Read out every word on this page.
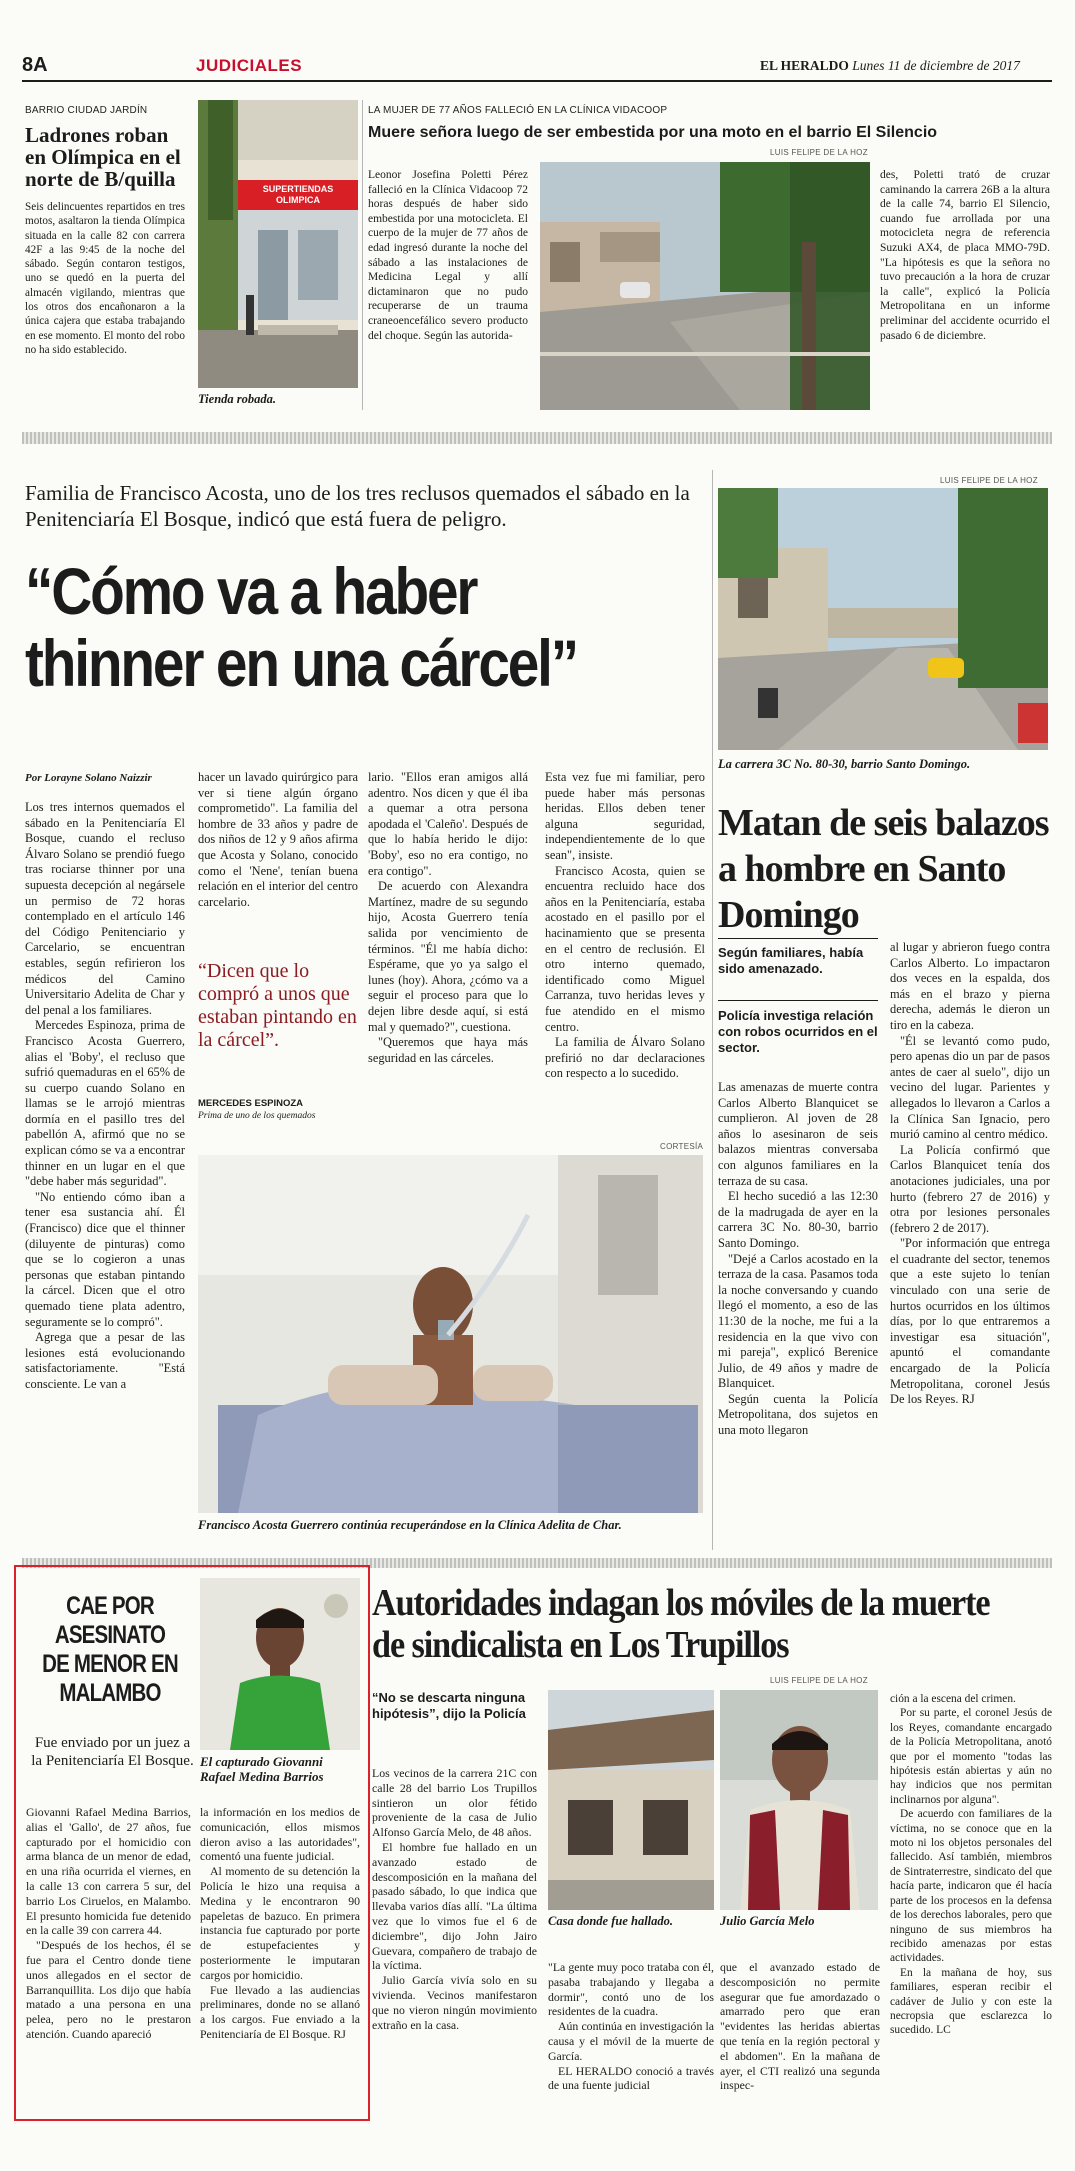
8A	JUDICIALES	EL HERALDO Lunes 11 de diciembre de 2017
BARRIO CIUDAD JARDÍN
Ladrones roban en Olímpica en el norte de B/quilla
Seis delincuentes repartidos en tres motos, asaltaron la tienda Olímpica situada en la calle 82 con carrera 42F a las 9:45 de la noche del sábado. Según contaron testigos, uno se quedó en la puerta del almacén vigilando, mientras que los otros dos encañonaron a la única cajera que estaba trabajando en ese momento. El monto del robo no ha sido establecido.
SUPERTIENDAS OLIMPICA
Tienda robada.
LA MUJER DE 77 AÑOS FALLECIÓ EN LA CLÍNICA VIDACOOP
Muere señora luego de ser embestida por una moto en el barrio El Silencio
LUIS FELIPE DE LA HOZ
Leonor Josefina Poletti Pérez falleció en la Clínica Vidacoop 72 horas después de haber sido embestida por una motocicleta. El cuerpo de la mujer de 77 años de edad ingresó durante la noche del sábado a las instalaciones de Medicina Legal y allí dictaminaron que no pudo recuperarse de un trauma craneoencefálico severo producto del choque. Según las autorida-
des, Poletti trató de cruzar caminando la carrera 26B a la altura de la calle 74, barrio El Silencio, cuando fue arrollada por una motocicleta negra de referencia Suzuki AX4, de placa MMO-79D. "La hipótesis es que la señora no tuvo precaución a la hora de cruzar la calle", explicó la Policía Metropolitana en un informe preliminar del accidente ocurrido el pasado 6 de diciembre.
Familia de Francisco Acosta, uno de los tres reclusos quemados el sábado en la Penitenciaría El Bosque, indicó que está fuera de peligro.
“Cómo va a haber thinner en una cárcel”
Por Lorayne Solano Naizzir

Los tres internos quemados el sábado en la Penitenciaría El Bosque, cuando el recluso Álvaro Solano se prendió fuego tras rociarse thinner por una supuesta decepción al negársele un permiso de 72 horas contemplado en el artículo 146 del Código Penitenciario y Carcelario, se encuentran estables, según refirieron los médicos del Camino Universitario Adelita de Char y del penal a los familiares.

Mercedes Espinoza, prima de Francisco Acosta Guerrero, alias el 'Boby', el recluso que sufrió quemaduras en el 65% de su cuerpo cuando Solano en llamas se le arrojó mientras dormía en el pasillo tres del pabellón A, afirmó que no se explican cómo se va a encontrar thinner en un lugar en el que "debe haber más seguridad".

"No entiendo cómo iban a tener esa sustancia ahí. Él (Francisco) dice que el thinner (diluyente de pinturas) como que se lo cogieron a unas personas que estaban pintando la cárcel. Dicen que el otro quemado tiene plata adentro, seguramente se lo compró".

Agrega que a pesar de las lesiones está evolucionando satisfactoriamente. "Está consciente. Le van a

hacer un lavado quirúrgico para ver si tiene algún órgano comprometido". La familia del hombre de 33 años y padre de dos niños de 12 y 9 años afirma que Acosta y Solano, conocido como el 'Nene', tenían buena relación en el interior del centro carcelario.
“Dicen que lo compró a unos que estaban pintando en la cárcel”.
MERCEDES ESPINOZA
Prima de uno de los quemados

lario. "Ellos eran amigos allá adentro. Nos dicen y que él iba a quemar a otra persona apodada el 'Caleño'. Después de que lo había herido le dijo: 'Boby', eso no era contigo, no era contigo".

De acuerdo con Alexandra Martínez, madre de su segundo hijo, Acosta Guerrero tenía salida por vencimiento de términos. "Él me había dicho: Espérame, que yo ya salgo el lunes (hoy). Ahora, ¿cómo va a seguir el proceso para que lo dejen libre desde aquí, si está mal y quemado?", cuestiona.

"Queremos que haya más seguridad en las cárceles.

Esta vez fue mi familiar, pero puede haber más personas heridas. Ellos deben tener alguna seguridad, independientemente de lo que sean", insiste.

Francisco Acosta, quien se encuentra recluido hace dos años en la Penitenciaría, estaba acostado en el pasillo por el hacinamiento que se presenta en el centro de reclusión. El otro interno quemado, identificado como Miguel Carranza, tuvo heridas leves y fue atendido en el mismo centro.

La familia de Álvaro Solano prefirió no dar declaraciones con respecto a lo sucedido.

CORTESÍA
Francisco Acosta Guerrero continúa recuperándose en la Clínica Adelita de Char.
LUIS FELIPE DE LA HOZ
La carrera 3C No. 80-30, barrio Santo Domingo.
Matan de seis balazos a hombre en Santo Domingo
Según familiares, había sido amenazado.
Policía investiga relación con robos ocurridos en el sector.

Las amenazas de muerte contra Carlos Alberto Blanquicet se cumplieron. Al joven de 28 años lo asesinaron de seis balazos mientras conversaba con algunos familiares en la terraza de su casa.

El hecho sucedió a las 12:30 de la madrugada de ayer en la carrera 3C No. 80-30, barrio Santo Domingo.

"Dejé a Carlos acostado en la terraza de la casa. Pasamos toda la noche conversando y cuando llegó el momento, a eso de las 11:30 de la noche, me fui a la residencia en la que vivo con mi pareja", explicó Berenice Julio, de 49 años y madre de Blanquicet.

Según cuenta la Policía Metropolitana, dos sujetos en una moto llegaron

al lugar y abrieron fuego contra Carlos Alberto. Lo impactaron dos veces en la espalda, dos más en el brazo y pierna derecha, además le dieron un tiro en la cabeza.

"Él se levantó como pudo, pero apenas dio un par de pasos antes de caer al suelo", dijo un vecino del lugar. Parientes y allegados lo llevaron a Carlos a la Clínica San Ignacio, pero murió camino al centro médico.

La Policía confirmó que Carlos Blanquicet tenía dos anotaciones judiciales, una por hurto (febrero 27 de 2016) y otra por lesiones personales (febrero 2 de 2017).

"Por información que entrega el cuadrante del sector, tenemos que a este sujeto lo tenían vinculado con una serie de hurtos ocurridos en los últimos días, por lo que entraremos a investigar esa situación", apuntó el comandante encargado de la Policía Metropolitana, coronel Jesús De los Reyes. RJ

CAE POR ASESINATO DE MENOR EN MALAMBO
Fue enviado por un juez a la Penitenciaría El Bosque. El capturado Giovanni Rafael Medina Barrios

Giovanni Rafael Medina Barrios, alias el 'Gallo', de 27 años, fue capturado por el homicidio con arma blanca de un menor de edad, en una riña ocurrida el viernes, en la calle 13 con carrera 5 sur, del barrio Los Ciruelos, en Malambo. El presunto homicida fue detenido en la calle 39 con carrera 44.

"Después de los hechos, él se fue para el Centro donde tiene unos allegados en el sector de Barranquillita. Los dijo que había matado a una persona en una pelea, pero no le prestaron atención. Cuando apareció

la información en los medios de comunicación, ellos mismos dieron aviso a las autoridades", comentó una fuente judicial.

Al momento de su detención la Policía le hizo una requisa a Medina y le encontraron 90 papeletas de bazuco. En primera instancia fue capturado por porte de estupefacientes y posteriormente le imputaran cargos por homicidio.

Fue llevado a las audiencias preliminares, donde no se allanó a los cargos. Fue enviado a la Penitenciaría de El Bosque. RJ

Autoridades indagan los móviles de la muerte de sindicalista en Los Trupillos
“No se descarta ninguna hipótesis”, dijo la Policía
LUIS FELIPE DE LA HOZ
Casa donde fue hallado.	Julio García Melo

Los vecinos de la carrera 21C con calle 28 del barrio Los Trupillos sintieron un olor fétido proveniente de la casa de Julio Alfonso García Melo, de 48 años.

El hombre fue hallado en un avanzado estado de descomposición en la mañana del pasado sábado, lo que indica que llevaba varios días allí. "La última vez que lo vimos fue el 6 de diciembre", dijo John Jairo Guevara, compañero de trabajo de la víctima.

Julio García vivía solo en su vivienda. Vecinos manifestaron que no vieron ningún movimiento extraño en la casa.

"La gente muy poco trataba con él, pasaba trabajando y llegaba a dormir", contó uno de los residentes de la cuadra.

Aún continúa en investigación la causa y el móvil de la muerte de García.

EL HERALDO conoció a través de una fuente judicial

que el avanzado estado de descomposición no permite asegurar que fue amordazado o amarrado pero que eran "evidentes las heridas abiertas que tenía en la región pectoral y el abdomen". En la mañana de ayer, el CTI realizó una segunda inspec-

ción a la escena del crimen.

Por su parte, el coronel Jesús de los Reyes, comandante encargado de la Policía Metropolitana, anotó que por el momento "todas las hipótesis están abiertas y aún no hay indicios que nos permitan inclinarnos por alguna".

De acuerdo con familiares de la víctima, no se conoce que en la moto ni los objetos personales del fallecido. Así también, miembros de Sintraterrestre, sindicato del que hacía parte, indicaron que él hacía parte de los procesos en la defensa de los derechos laborales, pero que ninguno de sus miembros ha recibido amenazas por estas actividades.

En la mañana de hoy, sus familiares, esperan recibir el cadáver de Julio y con este la necropsia que esclarezca lo sucedido. LC
